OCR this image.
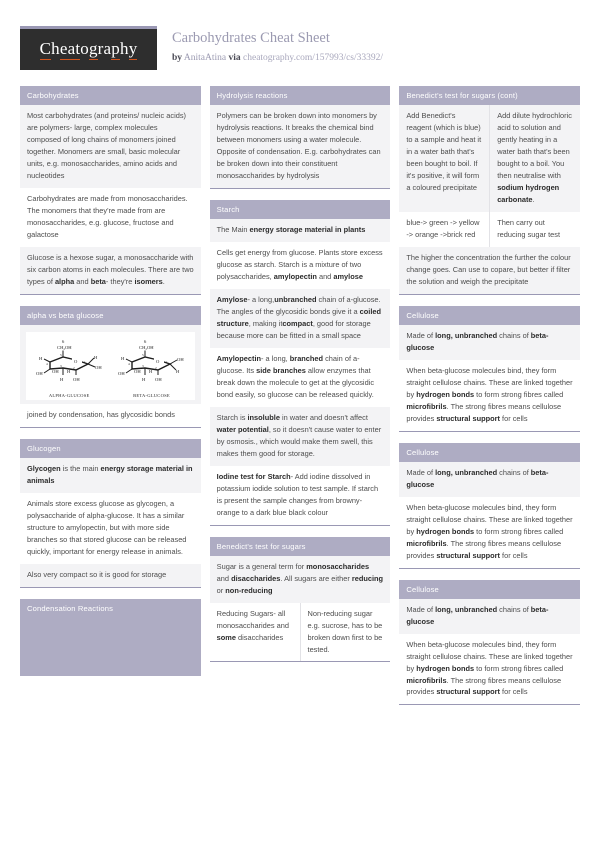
Cheatography
Carbohydrates Cheat Sheet
by AnitaAtina via cheatography.com/157993/cs/33392/
Carbohydrates
Most carbohydrates (and proteins/ nucleic acids) are polymers- large, complex molecules composed of long chains of monomers joined together. Monomers are small, basic molecular units, e.g. monosaccharides, amino acids and nucleotides
Carbohydrates are made from monosaccharides. The monomers that they're made from are monosaccharides, e.g. glucose, fructose and galactose
Glucose is a hexose sugar, a monosaccharide with six carbon atoms in each molecules. There are two types of alpha and beta- they're isomers.
alpha vs beta glucose
6
CH₂OH
O
H
OH
H
OH H
OH
OH
H
4
5
3	2
1
ALPHA-GLUCOSE
6
CH₂OH
O
H
OH
H
OH H
OH
OH
H
4
5
3	2
1
BETA-GLUCOSE
joined by condensation, has glycosidic bonds
Glucogen
Glycogen is the main energy storage material in animals
Animals store excess glucose as glycogen, a polysaccharide of alpha-glucose. It has a similar structure to amylopectin, but with more side branches so that stored glucose can be released quickly, important for energy release in animals.
Also very compact so it is good for storage
Condensation Reactions
Hydrolysis reactions
Polymers can be broken down into monomers by hydrolysis reactions. It breaks the chemical bind between monomers using a water molecule. Opposite of condensation. E.g. carbohydrates can be broken down into their constituent monosaccharides by hydrolysis
Starch
The Main energy storage material in plants
Cells get energy from glucose. Plants store excess glucose as starch. Starch is a mixture of two polysaccharides, amylopectin and amylose
Amylose- a long,unbranched chain of a-glucose. The angles of the glycosidic bonds give it a coiled structure, making itcompact, good for storage because more can be fitted in a small space
Amylopectin- a long, branched chain of a-glucose. Its side branches allow enzymes that break down the molecule to get at the glycosidic bond easily, so glucose can be released quickly.
Starch is insoluble in water and doesn't affect water potential, so it doesn't cause water to enter by osmosis., which would make them swell, this makes them good for storage.
Iodine test for Starch- Add iodine dissolved in potassium iodide solution to test sample. If starch is present the sample changes from browny-orange to a dark blue black colour
Benedict's test for sugars
Sugar is a general term for monosaccharides and disaccharides. All sugars are either reducing or non-reducing
Reducing Sugars- all monosaccharides and some disaccharides
Non-reducing sugar e.g. sucrose, has to be broken down first to be tested.
Benedict's test for sugars (cont)
Add Benedict's reagent (which is blue) to a sample and heat it in a water bath that's been bought to boil. If it's positive, it will form a coloured precipitate
Add dilute hydrochloric acid to solution and gently heating in a water bath that's been bought to a boil. You then neutralise with sodium hydrogen carbonate.
blue-> green -> yellow -> orange ->brick red
Then carry out reducing sugar test
The higher the concentration the further the colour change goes. Can use to copare, but better if filter the solution and weigh the precipitate
Cellulose
Made of long, unbranched chains of beta-glucose
When beta-glucose molecules bind, they form straight cellulose chains. These are linked together by hydrogen bonds to form strong fibres called microfibrils. The strong fibres means cellulose provides structural support for cells
Cellulose
Made of long, unbranched chains of beta-glucose
When beta-glucose molecules bind, they form straight cellulose chains. These are linked together by hydrogen bonds to form strong fibres called microfibrils. The strong fibres means cellulose provides structural support for cells
Cellulose
Made of long, unbranched chains of beta-glucose
When beta-glucose molecules bind, they form straight cellulose chains. These are linked together by hydrogen bonds to form strong fibres called microfibrils. The strong fibres means cellulose provides structural support for cells
